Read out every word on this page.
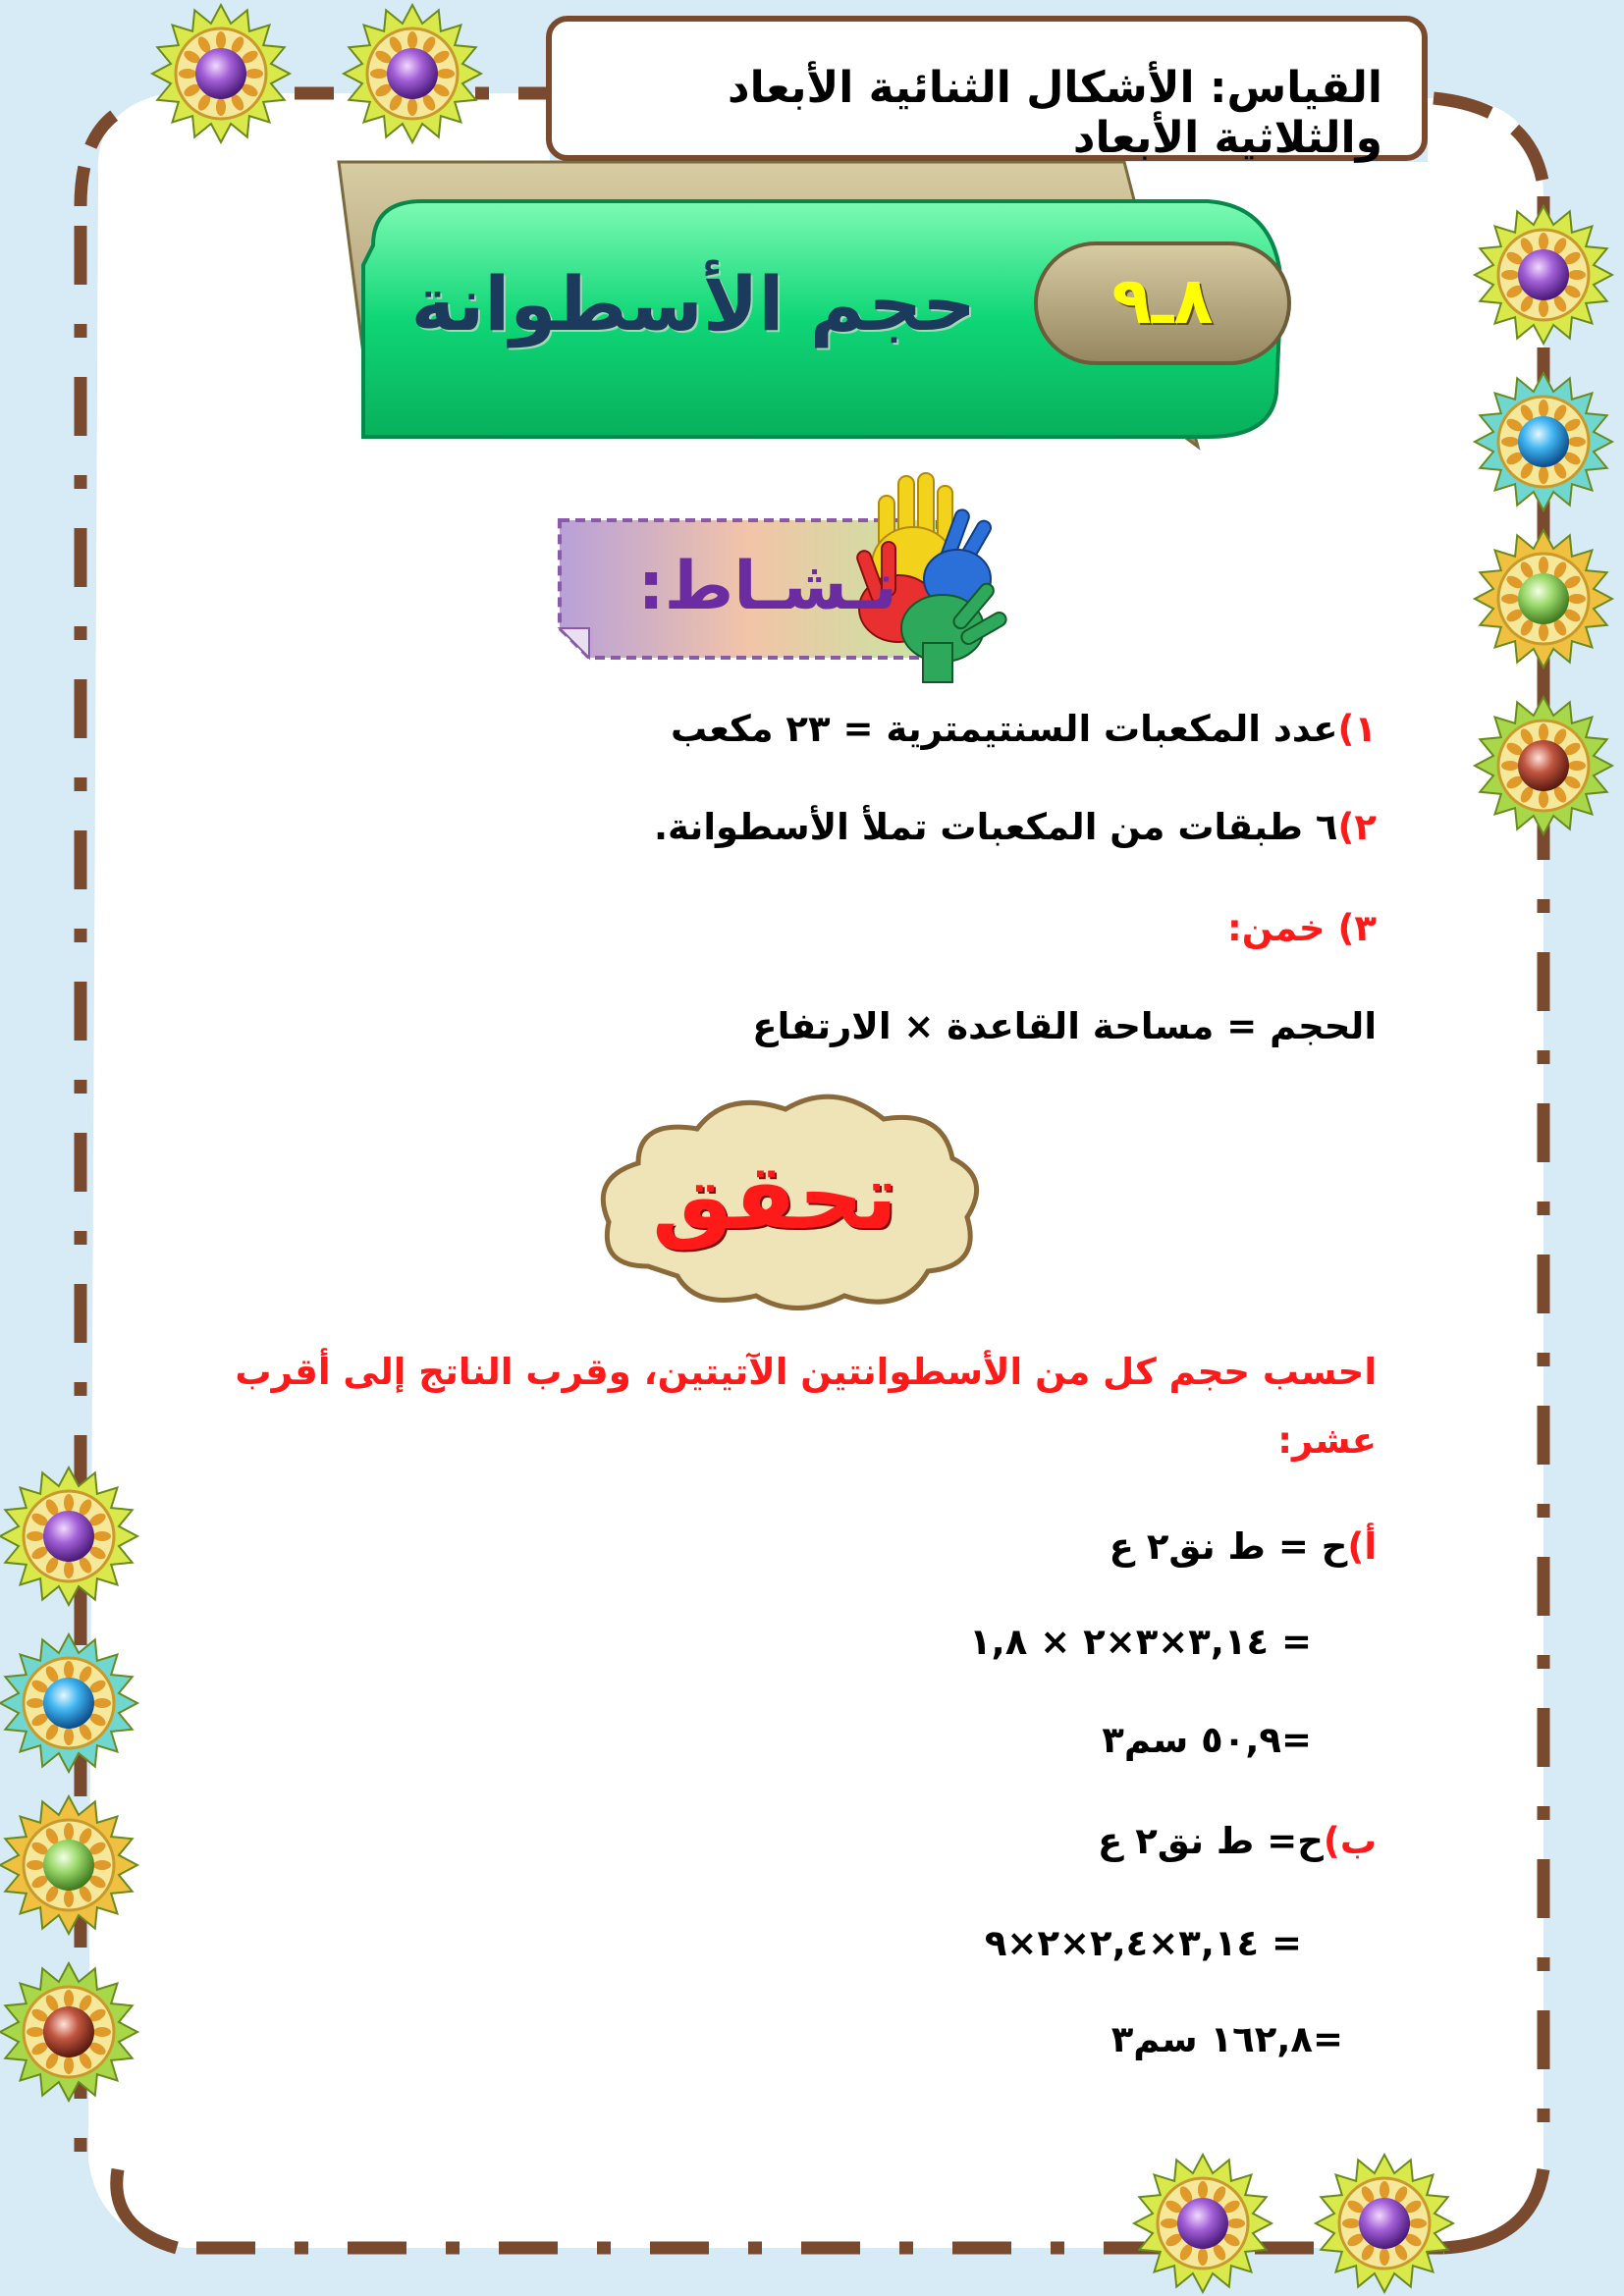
القياس: الأشكال الثنائية الأبعاد والثلاثية الأبعاد
٨ـ٩
حجم الأسطوانة
نـشـاط:
١)عدد المكعبات السنتيمترية = ٢٣ مكعب
٢)٦ طبقات من المكعبات تملأ الأسطوانة.
٣) خمن:
الحجم = مساحة القاعدة × الارتفاع
تحقق
احسب حجم كل من الأسطوانتين الآتيتين، وقرب الناتج إلى أقرب
عشر:
أ)ح = ط نق٢ ع
= ٣,١٤×٣×٢ × ١,٨
=٥٠,٩ سم٣
ب)ح= ط نق٢ ع
= ٣,١٤×٢,٤×٢×٩
=١٦٢,٨ سم٣
